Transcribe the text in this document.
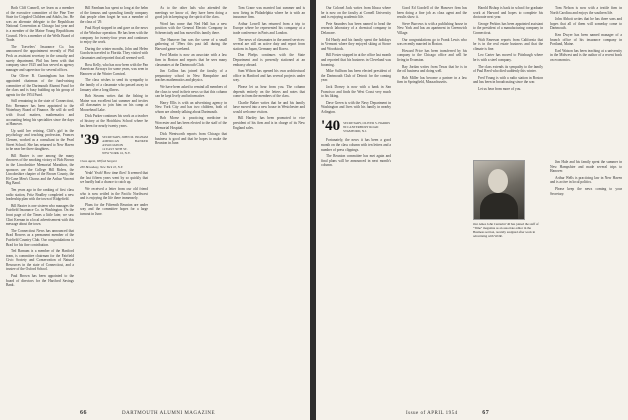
Both Cliff Connell, we learn as a member of the executive committee of the Pine Tree State for Crippled Children and Adults, Inc. He was an alternate delegate to the Republican National Convention at Chicago last year and is a member of the Maine Young Republicans Council. He is a member of the Wells Board of Trade.

The Travelers' Insurance Co. has announced the appointment recently of Phil Peck as assistant secretary in the casualty and surety department. Phil has been with that company since 1925 and has served as agency manager and supervisor for several offices.

Our Oliver B. Cunningham has been appointed chairman of the fund-raising committee of the Dartmouth Alumni Fund for the class and is busy building up his group of agents for the 1954 Fund.

Still remaining in the state of Connecticut, Eric Bremmer has been appointed to the Waterbury Board of Finance. He will do well with fiscal matters, mathematics and accounting being his specialties since the days at Hanover.

Up until her retiring, Cliff's girl in the psychology and teaching profession, Frances Clemen, worked as a consultant in the Pearl Street School. She has returned to New Haven to be near her three daughters.

Bill Baxter is one among the many throwers of the smoking victory of Bob Brown in the Lincolnshire Memorial Marathon, the sponsors are the College Hill Riders, the Lincolnshire chapter of the Brown County, the Hi-Cane Men's Chorus and the Arthur Vincent Big Band.

Ten years ago in the ranking of first class radio station, Fritz Bradley completed a new leadership plan with the town of Ridgefield.

Bill Baxter is one sixteen who manages the Fairfield Insurance Co. in Washington. On the front page of the Times a little later, we saw Clint Keenan in a local advertisement with this message about the town.

The Connecticut News has announced that Brad Bowers as a permanent member of the Fairfield Country Club. Our congratulations to Brad for his fine contribution.

Ted Barnum is a member of the Hartford team, is committee chairman for the Fairfield Civic Society and Conservation of Natural Resources in the state of Connecticut, and a trustee of the Oxford School.

Paul Brown has been appointed to the board of directors for the Hartford Savings Bank.

Bill Farnham has spent so long at the helm of the famous and sprawling family company that people often forget he was a member of the class of '29.

Paul Boyd stopped in and gave us the news of the Windsor operation. He has been with the company for twenty-four years and continues to enjoy the work.

During the winter months, John and Helen Goodwin traveled to Florida. They visited with classmates and reported that all seemed well.

Ross Kelly, who has now been with the Pan American Airways for some years, was seen in Hanover at the Winter Carnival.

The class wishes to send its sympathy to the family of a classmate who passed away in January after a long illness.

Bob Stearns writes that the fishing in Maine was excellent last summer and invites all classmates to join him on his camp at Moosehead Lake.

Dick Parker continues his work as a teacher of history at the Hotchkiss School where he has been for nearly twenty years.

'39 SECRETARY, JOHN M. INGHAM
AMERICAN BANKER ASSOCIATION
12 EAST 36TH ST.
NEW YORK 16, N.Y.

Class Agent, Wilfred Sargent

260 Broadway, New York 10, N.Y.

Yeah! Yeah! How time flies! It seemed that the last fifteen years went by so quickly that we hardly had a chance to catch up.

We received a letter from our old friend who is now settled in the Pacific Northwest and is enjoying the life there immensely.

Plans for the Fifteenth Reunion are under way and the committee hopes for a large turnout in June.

As to the other lads who attended the meetings we know of, they have been doing a good job in keeping up the spirit of the class.

Word has come that Ned Hall has a new position with the General Electric Company in Schenectady and has moved his family there.

The Hanover Inn was the scene of a small gathering of '39ers this past fall during the Harvard game weekend.

Fred Martin is now an associate with a law firm in Boston and reports that he sees many classmates at the Dartmouth Club.

Jim Collins has joined the faculty of a preparatory school in New Hampshire and teaches mathematics and physics.

We have been asked to remind all members of the class to send in their news so that this column can be kept lively and informative.

Harry Ellis is with an advertising agency in New York City and has two children, both of whom are already talking about Dartmouth.

Bob Morse is practicing medicine in Worcester and has been elected to the staff of the Memorial Hospital.

Dick Wentworth reports from Chicago that business is good and that he hopes to make the Reunion in June.

Tom Crane was married last summer and is now living in Philadelphia where he is with an insurance firm.

Arthur Lowell has returned from a trip to Europe where he represented his company at a trade conference in Paris and London.

The news of classmates in the armed services: several are still on active duty and report from stations in Japan, Germany and Korea.

Don Phelps continues with the State Department and is presently stationed at an embassy abroad.

Sam Wilson has opened his own architectural office in Hartford and has several projects under way.

Please let us hear from you. The column depends entirely on the letters and notes that come in from the members of the class.

Charlie Baker writes that he and his family have moved into a new house in Westchester and would welcome visitors.

Bill Hartley has been promoted to vice president of his firm and is in charge of its New England sales.

66	DARTMOUTH ALUMNI MAGAZINE

Our Colonel Jack writes from Ithaca where he is now on the faculty at Cornell University and is enjoying academic life.

Pete Saunders has been named to head the research laboratory of a chemical company in Delaware.

Ed Hardy and his family spent the holidays in Vermont where they enjoyed skiing at Stowe and Woodstock.

Bill Foster stopped in at the office last month and reported that his business in Cleveland was booming.

Mike Sullivan has been elected president of the Dartmouth Club of Detroit for the coming year.

Jack Dorsey is now with a bank in San Francisco and finds the West Coast very much to his liking.

Dave Green is with the Navy Department in Washington and lives with his family in nearby Arlington.

'40 SECRETARY, OLIVER S. HARRIS
80 CANTERBURY ROAD
STAMFORD, N.J.

Fortunately, the news it has been a good month on the class column with ten letters and a number of press clippings.

The Reunion committee has met again and final plans will be announced in next month's column.

Good Ed Goodell of the Hanover firm has been doing a fine job as class agent and the results show it.

Steve Burrows is with a publishing house in New York and has an apartment in Greenwich Village.

Our congratulations go to Frank Lewis who was recently married in Boston.

Howard Price has been transferred by his company to the Chicago office and will be living in Evanston.

Ray Jordan writes from Texas that he is in the oil business and doing well.

Bob Miller has become a partner in a law firm in Springfield, Massachusetts.

Harold Bishop is back in school for graduate work at Harvard and hopes to complete his doctorate next year.

George Perkins has been appointed assistant to the president of a manufacturing company in Connecticut.

Walt Emerson reports from California that he is in the real estate business and that the climate is fine.

Leo Carter has moved to Pittsburgh where he is with a steel company.

The class extends its sympathy to the family of Paul Reed who died suddenly this winter.

Fred Young is with a radio station in Boston and has been in broadcasting since the war.

Let us hear from more of you.

Tom Nelson is now with a textile firm in North Carolina and enjoys the southern life.

John Abbott writes that he has three sons and hopes that all of them will someday come to Dartmouth.

Ken Dwyer has been named manager of a branch office of his insurance company in Portland, Maine.

Earl Watson has been teaching at a university in the Midwest and is the author of a recent book on economics.

Jim Hale and his family spent the summer in New Hampshire and made several trips to Hanover.

Arthur Wells is practicing law in New Haven and is active in local politics.

Please keep the news coming to your Secretary.

Our Amos John Cantarini '40 has joined the staff of "Time" magazine as an associate editor in the Business section, recently assigned after work in advertising with WOR.
Issue of APRIL 1954	67
